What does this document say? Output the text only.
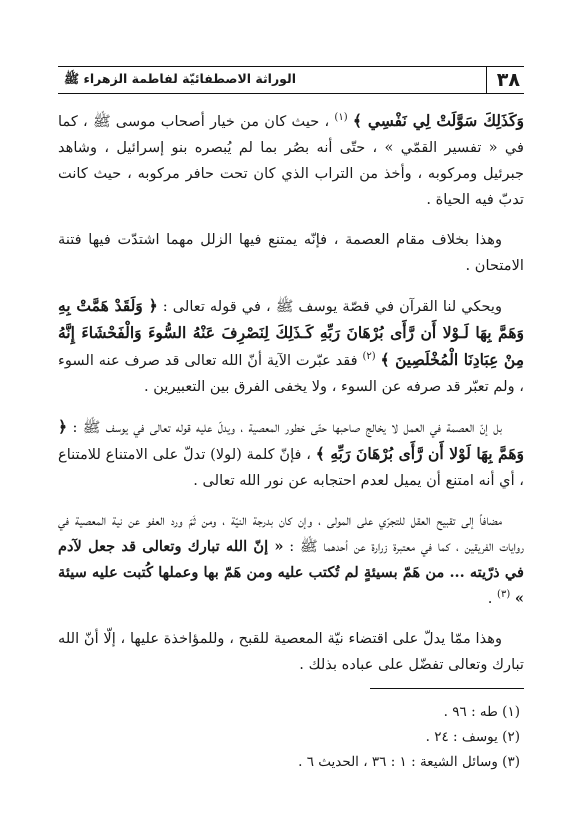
٣٨
الوراثة الاصطفائيّة لفاطمة الزهراء ﷺ

وَكَذَلِكَ سَوَّلَتْ لِي نَفْسِي ﴾ $^{(١)}$ ، حيث كان من خيار أصحاب موسى ﷺ ، كما في « تفسير القمّي » ، حتّى أنه بصُر بما لم يُبصره بنو إسرائيل ، وشاهد جبرئيل ومركوبه ، وأخذ من التراب الذي كان تحت حافر مركوبه ، حيث كانت تدبّ فيه الحياة .

وهذا بخلاف مقام العصمة ، فإنّه يمتنع فيها الزلل مهما اشتدّت فيها فتنة الامتحان .

ويحكي لنا القرآن في قصّة يوسف ﷺ ، في قوله تعالى : ﴿ وَلَقَدْ هَمَّتْ بِهِ وَهَمَّ بِهَا لَـوْلا أَن رَّأَى بُرْهَانَ رَبِّهِ كَـذَلِكَ لِنَصْرِفَ عَنْهُ السُّوءَ وَالْفَحْشَاءَ إِنَّهُ مِنْ عِبَادِنَا الْمُخْلَصِينَ ﴾ $^{(٢)}$ فقد عبّرت الآية أنّ الله تعالى قد صرف عنه السوء ، ولم تعبّر قد صرفه عن السوء ، ولا يخفى الفرق بين التعبيرين .

بل إنّ العصمة في العمل لا يخالج صاحبها حتّى خطور المعصية ، ويدلّ عليه قوله تعالى في يوسف ﷺ : ﴿ وَهَمَّ بِهَا لَوْلا أَن رَّأَى بُرْهَانَ رَبِّهِ ﴾ ، فإنّ كلمة (لولا) تدلّ على الامتناع للامتناع ، أي أنه امتنع أن يميل لعدم احتجابه عن نور الله تعالى .

مضافاً إلى تقبيح العقل للتجرّي على المولى ، وإن كان بدرجة النيّة ، ومن ثَمّ ورد العفو عن نية المعصية في روايات الفريقين ، كما في معتبرة زرارة عن أحدهما ﷺ : « إنّ الله تبارك وتعالى قد جعل لآدم في ذرّيته ... من هَمّ بسيئةٍ لم تُكتب عليه ومن هَمّ بها وعملها كُتبت عليه سيئة » $^{(٣)}$ .

وهذا ممّا يدلّ على اقتضاء نيّة المعصية للقبح ، وللمؤاخذة عليها ، إلّا أنّ الله تبارك وتعالى تفضّل على عباده بذلك .

(١) طه : ٩٦ .
(٢) يوسف : ٢٤ .
(٣) وسائل الشيعة : ١ : ٣٦ ، الحديث ٦ .
